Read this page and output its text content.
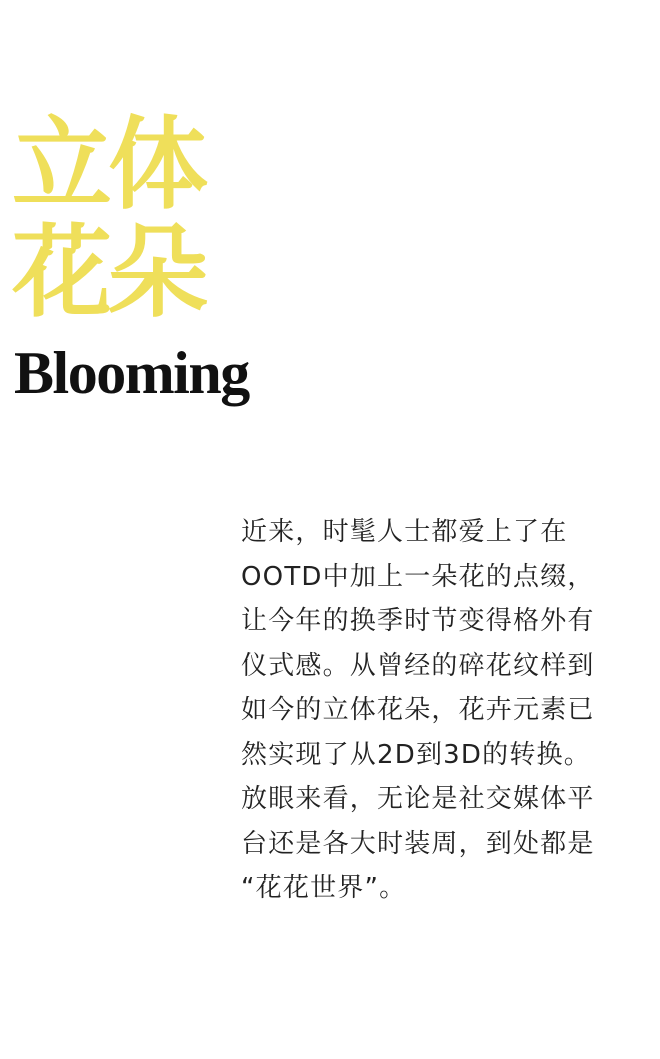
立体
花朵
Blooming
近来，时髦人士都爱上了在
OOTD中加上一朵花的点缀，
让今年的换季时节变得格外有
仪式感。从曾经的碎花纹样到
如今的立体花朵，花卉元素已
然实现了从2D到3D的转换。
放眼来看，无论是社交媒体平
台还是各大时装周，到处都是
“花花世界”。
